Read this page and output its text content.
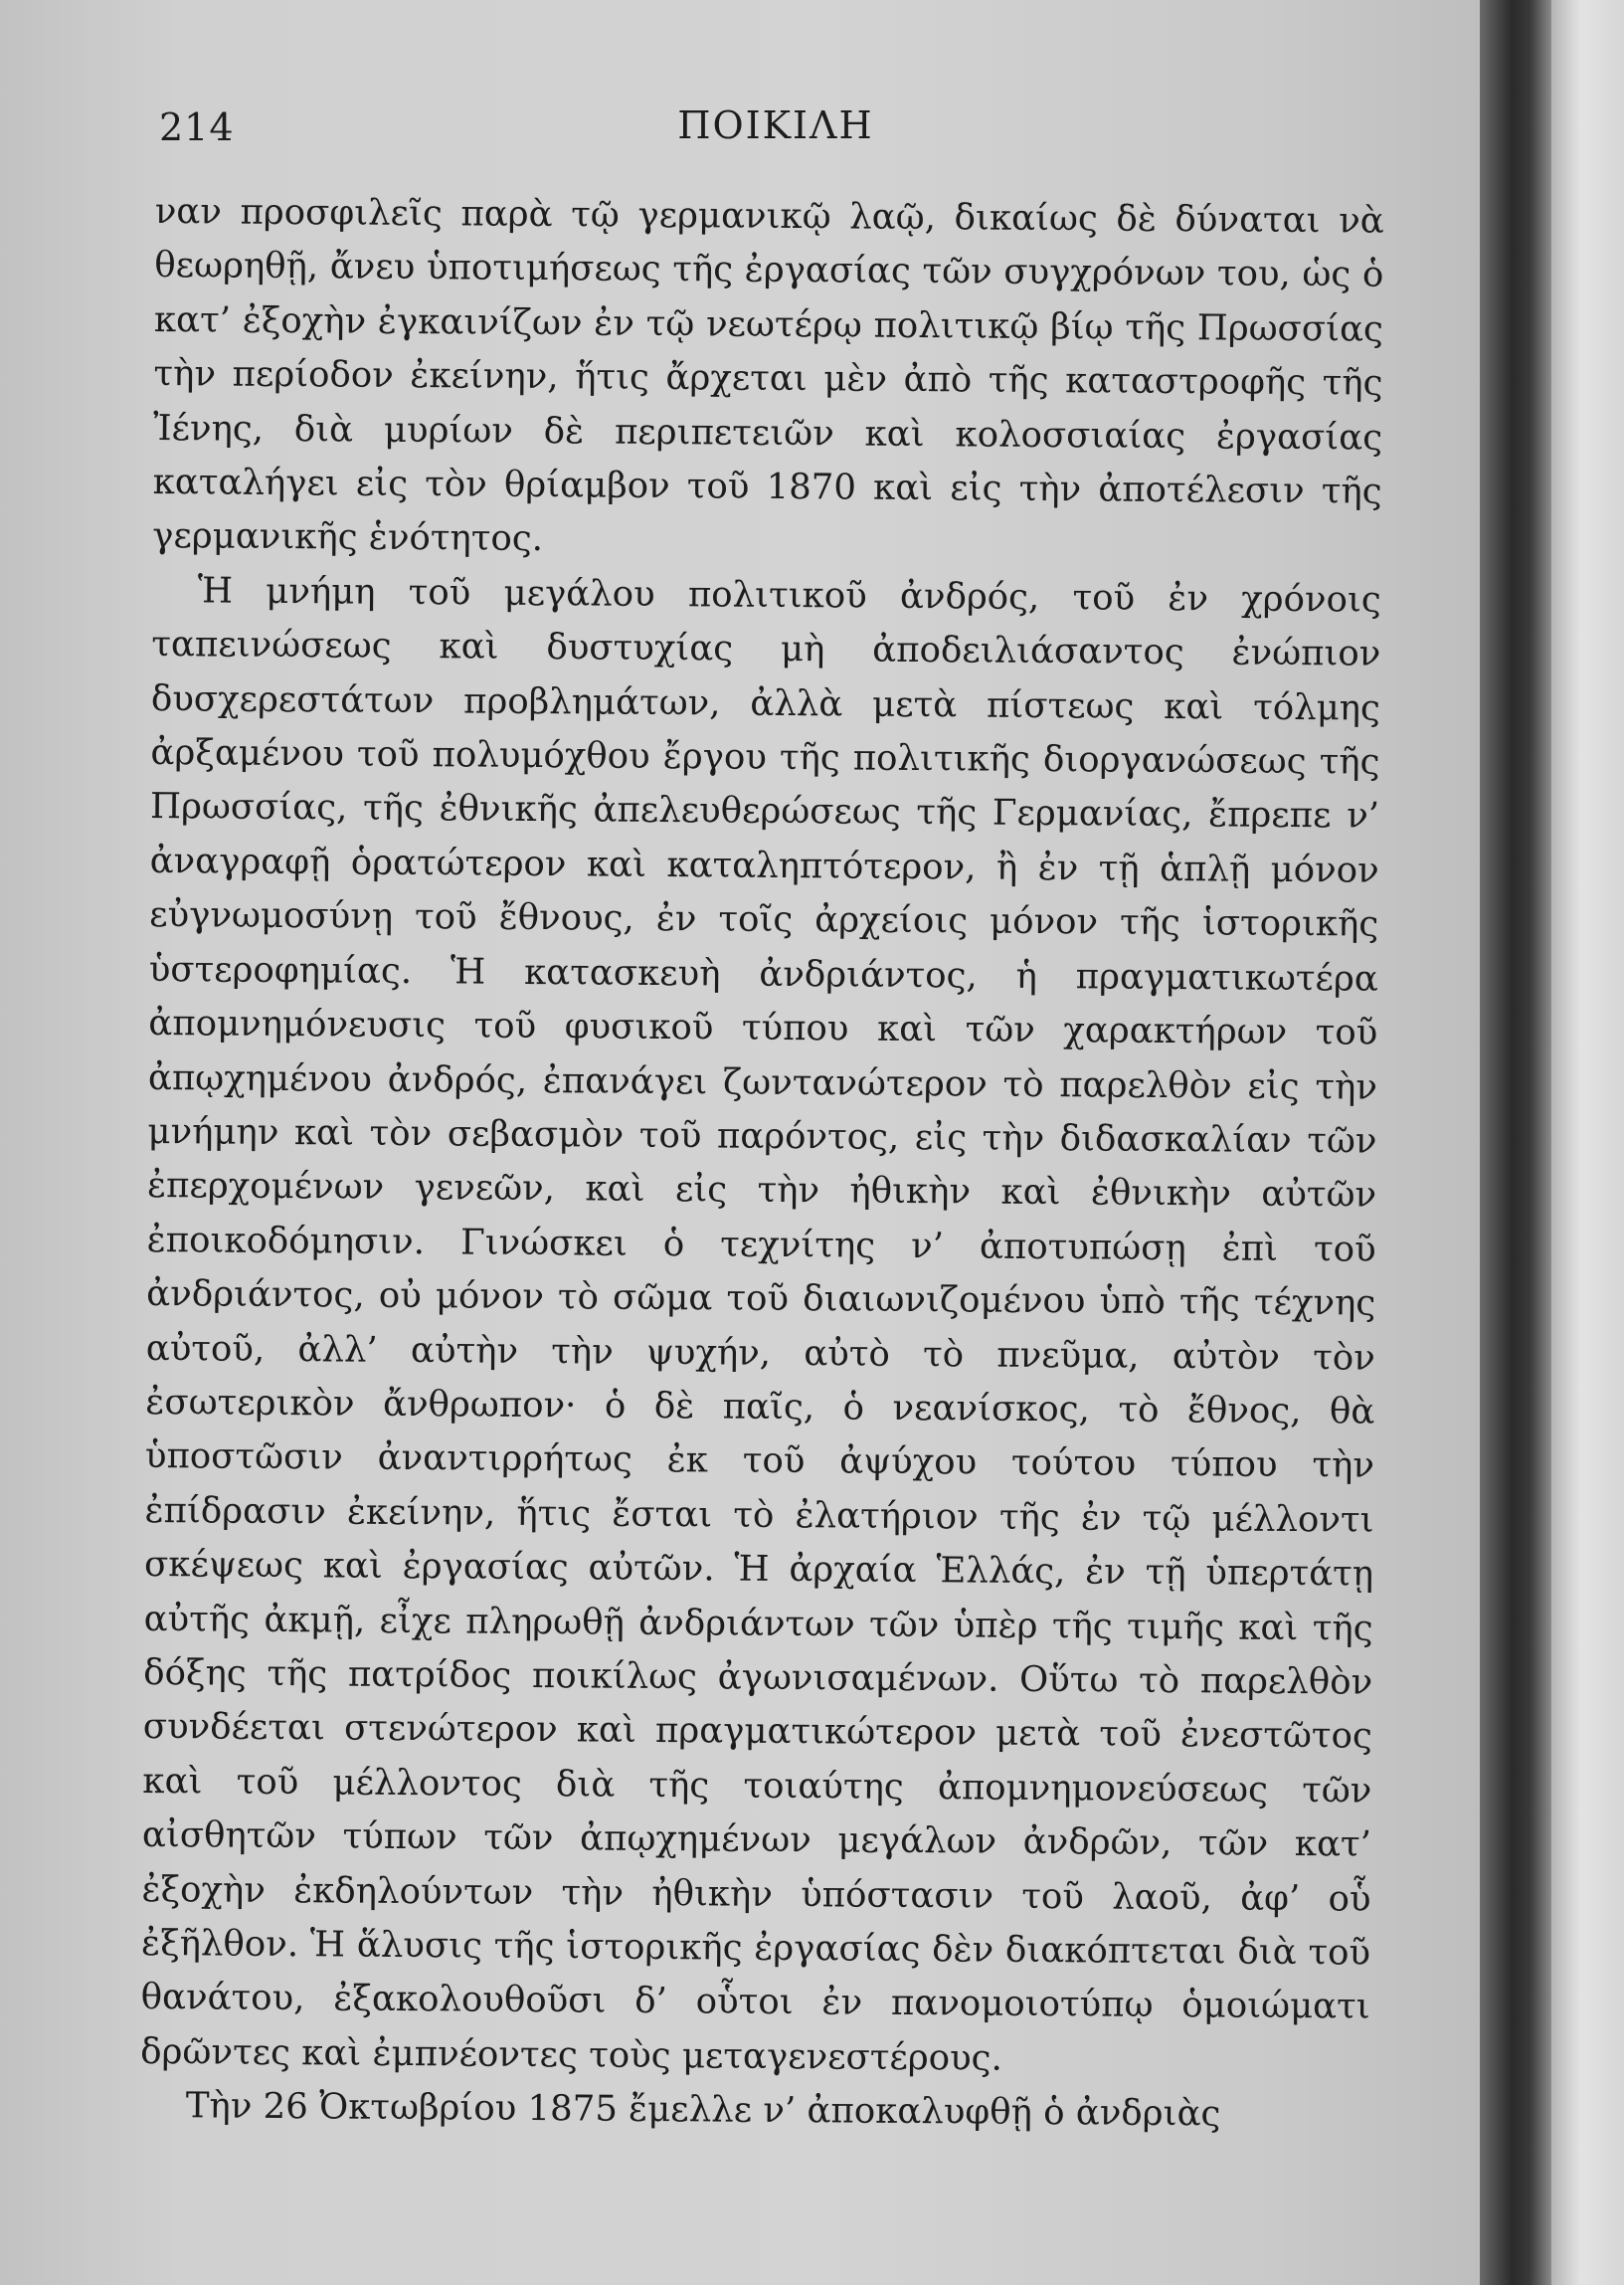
214	ΠΟΙΚΙΛΗ

ναν προσφιλεῖς παρὰ τῷ γερμανικῷ λαῷ, δικαίως δὲ δύναται νὰ θεωρηθῇ, ἄνευ ὑποτιμήσεως τῆς ἐργασίας τῶν συγχρόνων του, ὡς ὁ κατ’ ἐξοχὴν ἐγκαινίζων ἐν τῷ νεωτέρῳ πολιτικῷ βίῳ τῆς Πρωσσίας τὴν περίοδον ἐκείνην, ἥτις ἄρχεται μὲν ἀπὸ τῆς καταστροφῆς τῆς Ἰένης, διὰ μυρίων δὲ περιπετειῶν καὶ κολοσσιαίας ἐργασίας καταλήγει εἰς τὸν θρίαμβον τοῦ 1870 καὶ εἰς τὴν ἀποτέλεσιν τῆς γερμανικῆς ἑνότητος.

Ἡ μνήμη τοῦ μεγάλου πολιτικοῦ ἀνδρός, τοῦ ἐν χρόνοις ταπεινώσεως καὶ δυστυχίας μὴ ἀποδειλιάσαντος ἐνώπιον δυσχερεστάτων προβλημάτων, ἀλλὰ μετὰ πίστεως καὶ τόλμης ἀρξαμένου τοῦ πολυμόχθου ἔργου τῆς πολιτικῆς διοργανώσεως τῆς Πρωσσίας, τῆς ἐθνικῆς ἀπελευθερώσεως τῆς Γερμανίας, ἔπρεπε ν’ ἀναγραφῇ ὁρατώτερον καὶ καταληπτότερον, ἢ ἐν τῇ ἁπλῇ μόνον εὐγνωμοσύνῃ τοῦ ἔθνους, ἐν τοῖς ἀρχείοις μόνον τῆς ἱστορικῆς ὑστεροφημίας. Ἡ κατασκευὴ ἀνδριάντος, ἡ πραγματικωτέρα ἀπομνημόνευσις τοῦ φυσικοῦ τύπου καὶ τῶν χαρακτήρων τοῦ ἀπῳχημένου ἀνδρός, ἐπανάγει ζωντανώτερον τὸ παρελθὸν εἰς τὴν μνήμην καὶ τὸν σεβασμὸν τοῦ παρόντος, εἰς τὴν διδασκαλίαν τῶν ἐπερχομένων γενεῶν, καὶ εἰς τὴν ἠθικὴν καὶ ἐθνικὴν αὐτῶν ἐποικοδόμησιν. Γινώσκει ὁ τεχνίτης ν’ ἀποτυπώσῃ ἐπὶ τοῦ ἀνδριάντος, οὐ μόνον τὸ σῶμα τοῦ διαιωνιζομένου ὑπὸ τῆς τέχνης αὐτοῦ, ἀλλ’ αὐτὴν τὴν ψυχήν, αὐτὸ τὸ πνεῦμα, αὐτὸν τὸν ἐσωτερικὸν ἄνθρωπον· ὁ δὲ παῖς, ὁ νεανίσκος, τὸ ἔθνος, θὰ ὑποστῶσιν ἀναντιρρήτως ἐκ τοῦ ἀψύχου τούτου τύπου τὴν ἐπίδρασιν ἐκείνην, ἥτις ἔσται τὸ ἐλατήριον τῆς ἐν τῷ μέλλοντι σκέψεως καὶ ἐργασίας αὐτῶν. Ἡ ἀρχαία Ἑλλάς, ἐν τῇ ὑπερτάτῃ αὐτῆς ἀκμῇ, εἶχε πληρωθῇ ἀνδριάντων τῶν ὑπὲρ τῆς τιμῆς καὶ τῆς δόξης τῆς πατρίδος ποικίλως ἀγωνισαμένων. Οὕτω τὸ παρελθὸν συνδέεται στενώτερον καὶ πραγματικώτερον μετὰ τοῦ ἐνεστῶτος καὶ τοῦ μέλλοντος διὰ τῆς τοιαύτης ἀπομνημονεύσεως τῶν αἰσθητῶν τύπων τῶν ἀπῳχημένων μεγάλων ἀνδρῶν, τῶν κατ’ ἐξοχὴν ἐκδηλούντων τὴν ἠθικὴν ὑπόστασιν τοῦ λαοῦ, ἀφ’ οὗ ἐξῆλθον. Ἡ ἅλυσις τῆς ἱστορικῆς ἐργασίας δὲν διακόπτεται διὰ τοῦ θανάτου, ἐξακολουθοῦσι δ’ οὗτοι ἐν πανομοιοτύπῳ ὁμοιώματι δρῶντες καὶ ἐμπνέοντες τοὺς μεταγενεστέρους.

Τὴν 26 Ὀκτωβρίου 1875 ἔμελλε ν’ ἀποκαλυφθῇ ὁ ἀνδριὰς
